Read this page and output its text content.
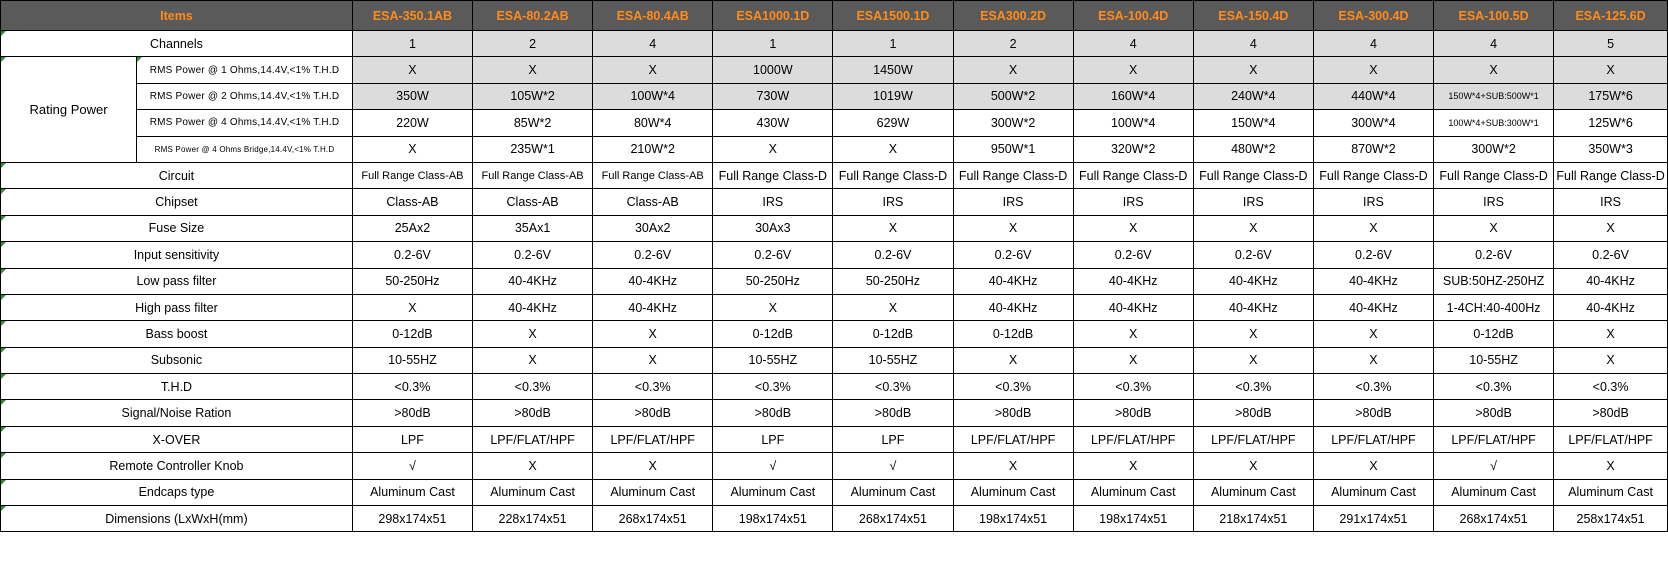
Items		ESA-350.1AB	ESA-80.2AB	ESA-80.4AB	ESA1000.1D	ESA1500.1D	ESA300.2D	ESA-100.4D	ESA-150.4D	ESA-300.4D	ESA-100.5D	ESA-125.6D
Channels		1	2	4	1	1	2	4	4	4	4	5
Rating Power	RMS Power @ 1 Ohms,14.4V,<1% T.H.D	X	X	X	1000W	1450W	X	X	X	X	X	X
	RMS Power @ 2 Ohms,14.4V,<1% T.H.D	350W	105W*2	100W*4	730W	1019W	500W*2	160W*4	240W*4	440W*4	150W*4+SUB:500W*1	175W*6
	RMS Power @ 4 Ohms,14.4V,<1% T.H.D	220W	85W*2	80W*4	430W	629W	300W*2	100W*4	150W*4	300W*4	100W*4+SUB:300W*1	125W*6
	RMS Power @ 4 Ohms Bridge,14.4V,<1% T.H.D	X	235W*1	210W*2	X	X	950W*1	320W*2	480W*2	870W*2	300W*2	350W*3
Circuit		Full Range Class-AB	Full Range Class-AB	Full Range Class-AB	Full Range Class-D	Full Range Class-D	Full Range Class-D	Full Range Class-D	Full Range Class-D	Full Range Class-D	Full Range Class-D	Full Range Class-D
Chipset		Class-AB	Class-AB	Class-AB	IRS	IRS	IRS	IRS	IRS	IRS	IRS	IRS
Fuse Size		25Ax2	35Ax1	30Ax2	30Ax3	X	X	X	X	X	X	X
Input sensitivity		0.2-6V	0.2-6V	0.2-6V	0.2-6V	0.2-6V	0.2-6V	0.2-6V	0.2-6V	0.2-6V	0.2-6V	0.2-6V
Low pass filter		50-250Hz	40-4KHz	40-4KHz	50-250Hz	50-250Hz	40-4KHz	40-4KHz	40-4KHz	40-4KHz	SUB:50HZ-250HZ	40-4KHz
High pass filter		X	40-4KHz	40-4KHz	X	X	40-4KHz	40-4KHz	40-4KHz	40-4KHz	1-4CH:40-400Hz	40-4KHz
Bass boost		0-12dB	X	X	0-12dB	0-12dB	0-12dB	X	X	X	0-12dB	X
Subsonic		10-55HZ	X	X	10-55HZ	10-55HZ	X	X	X	X	10-55HZ	X
T.H.D		<0.3%	<0.3%	<0.3%	<0.3%	<0.3%	<0.3%	<0.3%	<0.3%	<0.3%	<0.3%	<0.3%
Signal/Noise Ration		>80dB	>80dB	>80dB	>80dB	>80dB	>80dB	>80dB	>80dB	>80dB	>80dB	>80dB
X-OVER		LPF	LPF/FLAT/HPF	LPF/FLAT/HPF	LPF	LPF	LPF/FLAT/HPF	LPF/FLAT/HPF	LPF/FLAT/HPF	LPF/FLAT/HPF	LPF/FLAT/HPF	LPF/FLAT/HPF
Remote Controller Knob		√	X	X	√	√	X	X	X	X	√	X
Endcaps type		Aluminum Cast	Aluminum Cast	Aluminum Cast	Aluminum Cast	Aluminum Cast	Aluminum Cast	Aluminum Cast	Aluminum Cast	Aluminum Cast	Aluminum Cast	Aluminum Cast
Dimensions (LxWxH(mm)		298x174x51	228x174x51	268x174x51	198x174x51	268x174x51	198x174x51	198x174x51	218x174x51	291x174x51	268x174x51	258x174x51
